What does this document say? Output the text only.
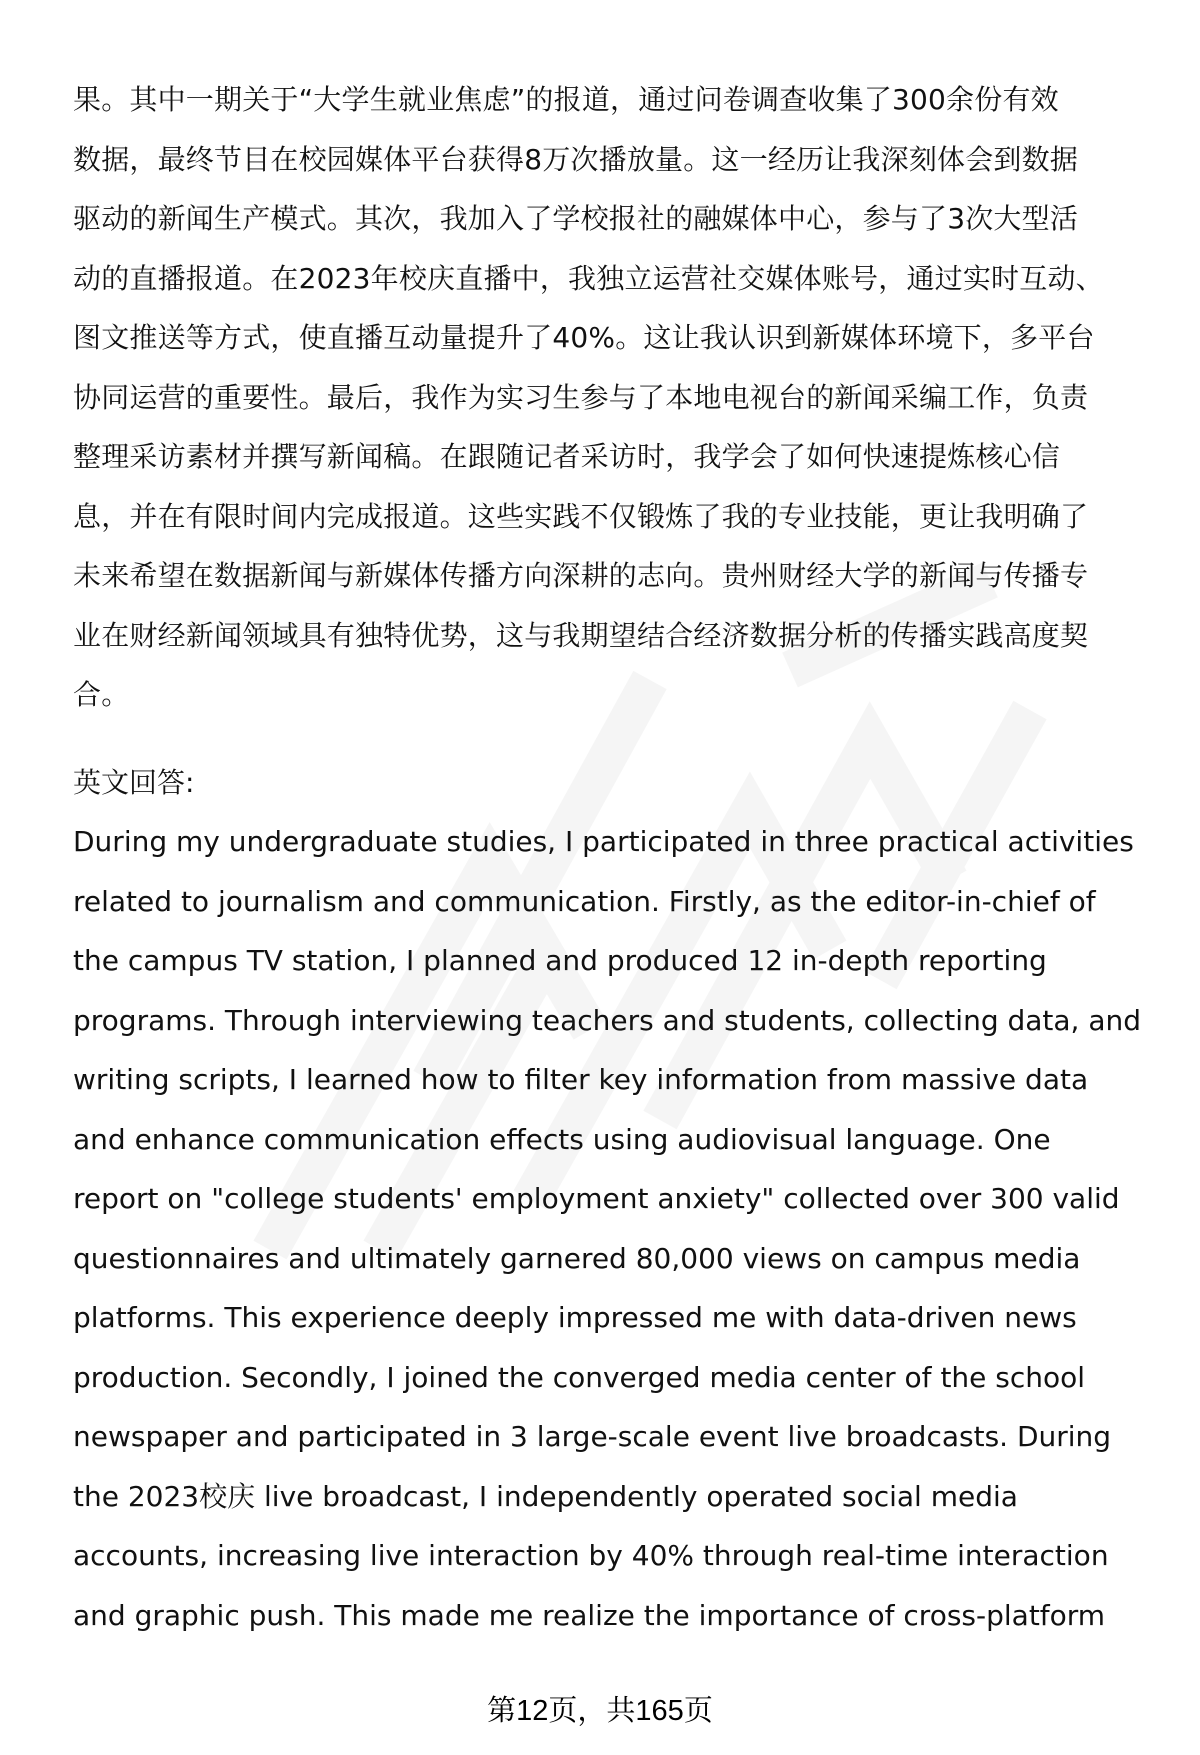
果。其中一期关于“大学生就业焦虑”的报道，通过问卷调查收集了300余份有效
数据，最终节目在校园媒体平台获得8万次播放量。这一经历让我深刻体会到数据
驱动的新闻生产模式。其次，我加入了学校报社的融媒体中心，参与了3次大型活
动的直播报道。在2023年校庆直播中，我独立运营社交媒体账号，通过实时互动、
图文推送等方式，使直播互动量提升了40%。这让我认识到新媒体环境下，多平台
协同运营的重要性。最后，我作为实习生参与了本地电视台的新闻采编工作，负责
整理采访素材并撰写新闻稿。在跟随记者采访时，我学会了如何快速提炼核心信
息，并在有限时间内完成报道。这些实践不仅锻炼了我的专业技能，更让我明确了
未来希望在数据新闻与新媒体传播方向深耕的志向。贵州财经大学的新闻与传播专
业在财经新闻领域具有独特优势，这与我期望结合经济数据分析的传播实践高度契
合。
英文回答:
During my undergraduate studies, I participated in three practical activities
related to journalism and communication. Firstly, as the editor-in-chief of
the campus TV station, I planned and produced 12 in-depth reporting
programs. Through interviewing teachers and students, collecting data, and
writing scripts, I learned how to filter key information from massive data
and enhance communication effects using audiovisual language. One
report on "college students' employment anxiety" collected over 300 valid
questionnaires and ultimately garnered 80,000 views on campus media
platforms. This experience deeply impressed me with data-driven news
production. Secondly, I joined the converged media center of the school
newspaper and participated in 3 large-scale event live broadcasts. During
the 2023校庆 live broadcast, I independently operated social media
accounts, increasing live interaction by 40% through real-time interaction
and graphic push. This made me realize the importance of cross-platform
第12页，共165页
